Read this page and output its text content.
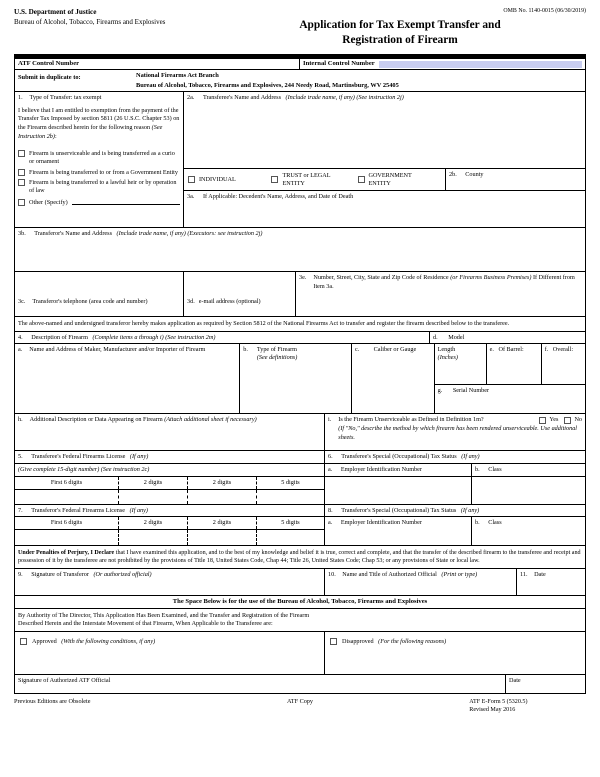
U.S. Department of Justice
Bureau of Alcohol, Tobacco, Firearms and Explosives
OMB No. 1140-0015 (06/30/2019)
Application for Tax Exempt Transfer and
Registration of Firearm
ATF Control Number	Internal Control Number
Submit in duplicate to:	National Firearms Act Branch
Bureau of Alcohol, Tobacco, Firearms and Explosives, 244 Needy Road, Martinsburg, WV 25405
1. Type of Transfer: tax exempt
I believe that I am entitled to exemption from the payment of the Transfer Tax Imposed by section 5811 (26 U.S.C. Chapter 53) on the Firearm described herein for the following reason (See Instruction 2b):
Firearm is unserviceable and is being transferred as a curio or ornament
Firearm is being transferred to or from a Government Entity
Firearm is being transferred to a lawful heir or by operation of law
Other (Specify)
2a. Transferee's Name and Address (Include trade name, if any) (See instruction 2j)
INDIVIDUAL
TRUST or LEGAL ENTITY
GOVERNMENT ENTITY
2b. County
3a. If Applicable: Decedent's Name, Address, and Date of Death
3b. Transferor's Name and Address (Include trade name, if any) (Executors: see instruction 2j)
3c. Transferor's telephone (area code and number)	3d. e-mail address (optional)
3e. Number, Street, City, State and Zip Code of Residence (or Firearms Business Premises) If Different from Item 3a.
The above-named and undersigned transferor hereby makes application as required by Section 5812 of the National Firearms Act to transfer and register the firearm described below to the transferee.
4. Description of Firearm (Complete items a through i) (See instruction 2m)	d. Model
a. Name and Address of Maker, Manufacturer and/or Importer of Firearm	b. Type of Firearm
(See definitions)
c.	Caliber or Gauge	Length
(Inches)
e. Of Barrel:	f. Overall:
g. Serial Number
h. Additional Description or Data Appearing on Firearm (Attach additional sheet if necessary)	i. Is the Firearm Unserviceable as Defined in Definition 1m?	Yes	No
(If "No," describe the method by which firearm has been rendered unserviceable. Use additional sheets.
5. Transferee's Federal Firearms License (If any)	6. Transferee's Special (Occupational) Tax Status (If any)
(Give complete 15-digit number) (See instruction 2c)	a. Employer Identification Number	b. Class
First 6 digits	2 digits	2 digits	5 digits
7. Transferor's Federal Firearms License (If any)	8. Transferor's Special (Occupational) Tax Status (If any)
First 6 digits	2 digits	2 digits	5 digits	a. Employer Identification Number	b. Class
Under Penalties of Perjury, I Declare that I have examined this application, and to the best of my knowledge and belief it is true, correct and complete, and that the transfer of the described firearm to the transferee and receipt and possession of it by the transferee are not prohibited by the provisions of Title 18, United States Code, Chap 44; Title 26, United States Code; Chap 53; or any provisions of State or local law.
9. Signature of Transferor (Or authorized official)	10. Name and Title of Authorized Official (Print or type)	11. Date
The Space Below is for the use of the Bureau of Alcohol, Tobacco, Firearms and Explosives
By Authority of The Director, This Application Has Been Examined, and the Transfer and Registration of the Firearm
Described Herein and the Interstate Movement of that Firearm, When Applicable to the Transferee are:
Approved (With the following conditions, if any)	Disapproved (For the following reasons)
Signature of Authorized ATF Official	Date
Previous Editions are Obsolete	ATF Copy	ATF E-Form 5 (5320.5)
Revised May 2016
